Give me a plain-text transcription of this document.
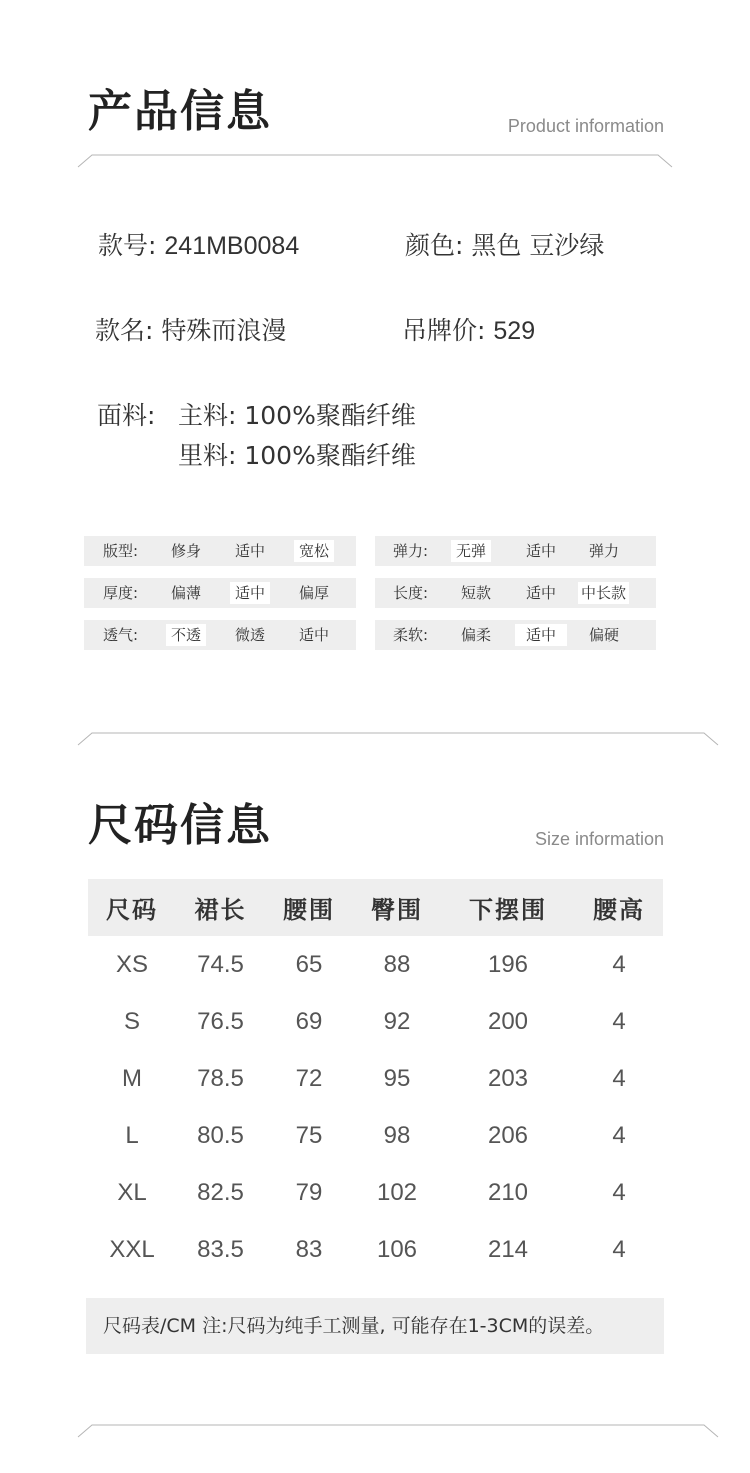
产品信息	Product information
款号: 241MB0084	颜色: 黑色 豆沙绿
款名: 特殊而浪漫	吊牌价: 529
面料: 主料: 100%聚酯纤维
里料: 100%聚酯纤维
版型:	修身	适中	宽松
厚度:	偏薄	适中	偏厚
透气:	不透	微透	适中
弹力:	无弹	适中	弹力
长度:	短款	适中	中长款
柔软:	偏柔	适中	偏硬
尺码信息	Size information
尺码	裙长	腰围	臀围	下摆围	腰高
XS	74.5	65	88	196	4
S	76.5	69	92	200	4
M	78.5	72	95	203	4
L	80.5	75	98	206	4
XL	82.5	79	102	210	4
XXL	83.5	83	106	214	4
尺码表/CM 注:尺码为纯手工测量, 可能存在1-3CM的误差。
